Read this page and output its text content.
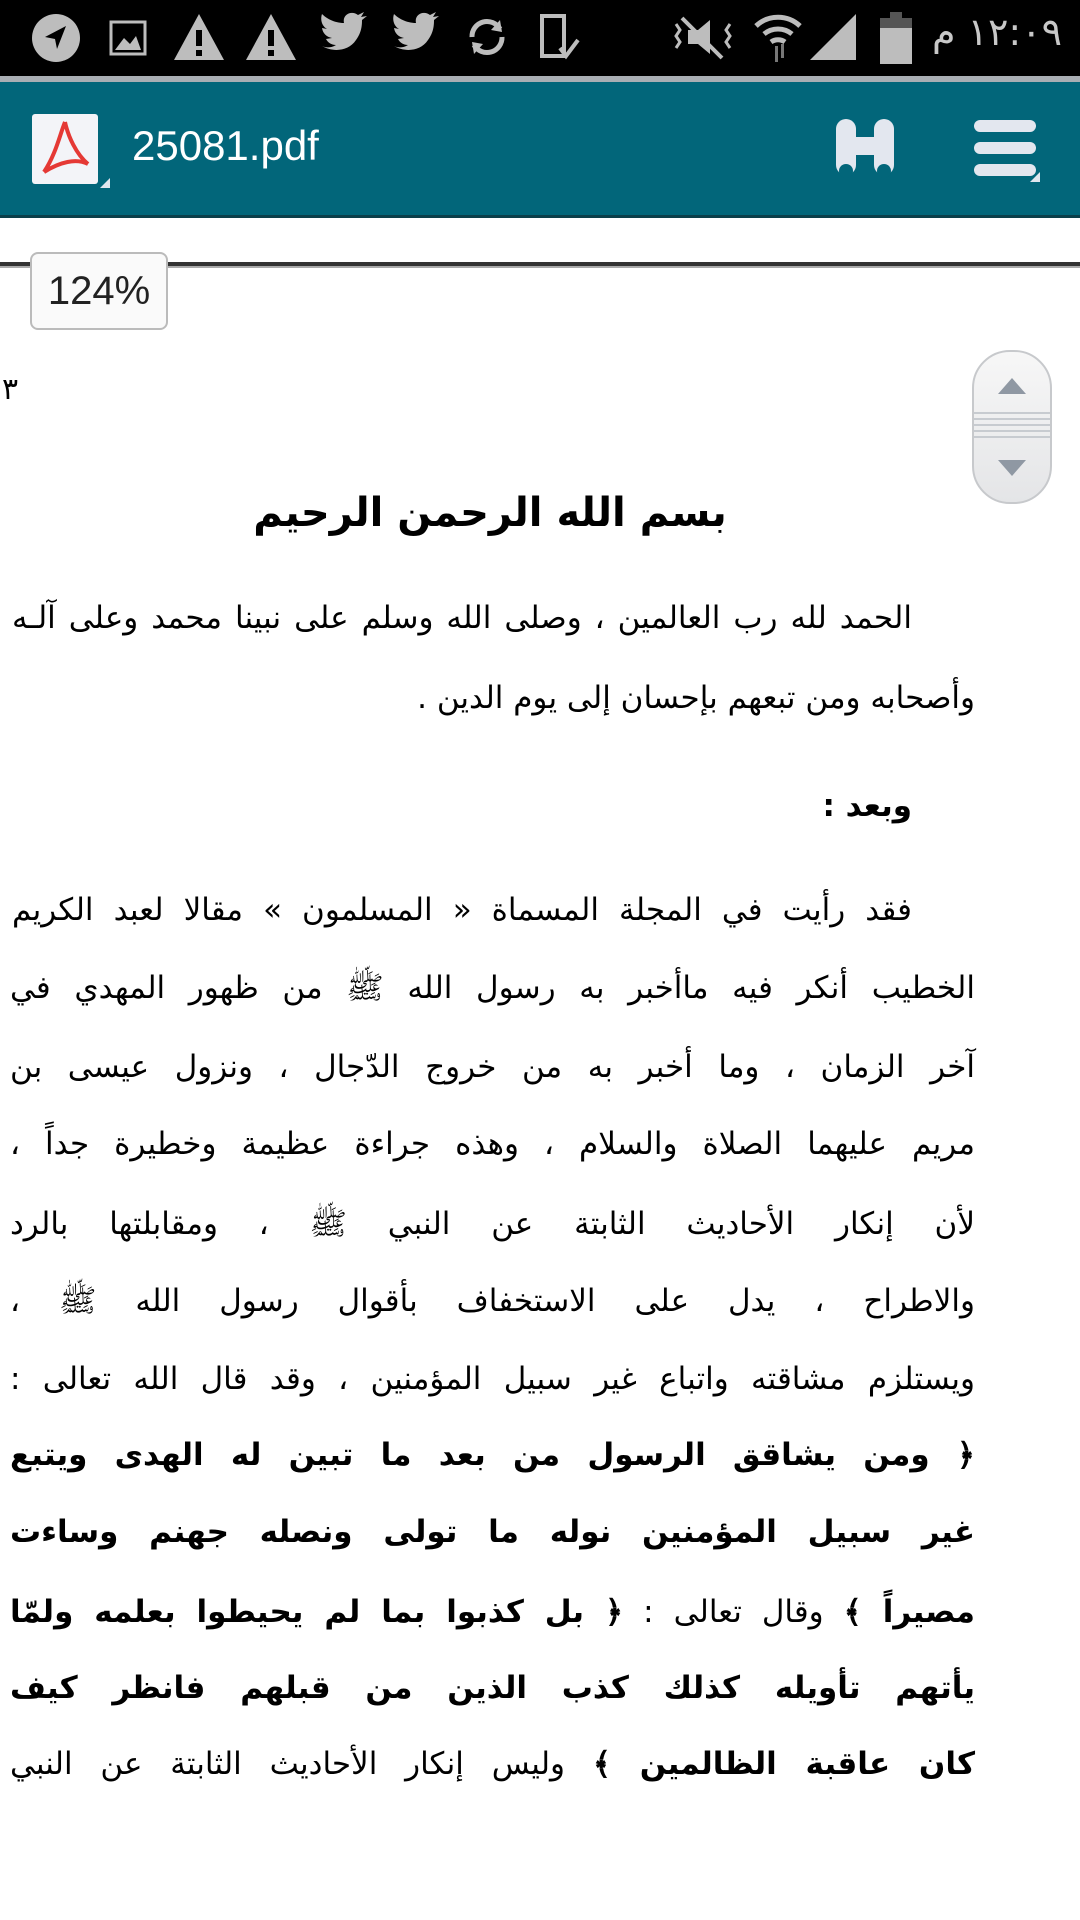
١٢:٠٩ م
25081.pdf
124%
٣
بسم الله الرحمن الرحيم
الحمد لله رب العالمين ، وصلى الله وسلم على نبينا محمد وعلى آلـه
وأصحابه ومن تبعهم بإحسان إلى يوم الدين .
وبعد :
فقد رأيت في المجلة المسماة « المسلمون » مقالا لعبد الكريم
الخطيب أنكر فيه ماأخبر به رسول الله ﷺ من ظهور المهدي في
آخر الزمان ، وما أخبر به من خروج الدّجال ، ونزول عيسى بن
مريم عليهما الصلاة والسلام ، وهذه جراءة عظيمة وخطيرة جداً ،
لأن إنكار الأحاديث الثابتة عن النبي ﷺ ، ومقابلتها بالرد
والاطراح ، يدل على الاستخفاف بأقوال رسول الله ﷺ ،
ويستلزم مشاقته واتباع غير سبيل المؤمنين ، وقد قال الله تعالى :
﴿ ومن يشاقق الرسول من بعد ما تبين له الهدى ويتبع
غير سبيل المؤمنين نوله ما تولى ونصله جهنم وساءت
مصيراً ﴾ وقال تعالى : ﴿ بل كذبوا بما لم يحيطوا بعلمه ولمّا
يأتهم تأويله كذلك كذب الذين من قبلهم فانظر كيف
كان عاقبة الظالمين ﴾ وليس إنكار الأحاديث الثابتة عن النبي
